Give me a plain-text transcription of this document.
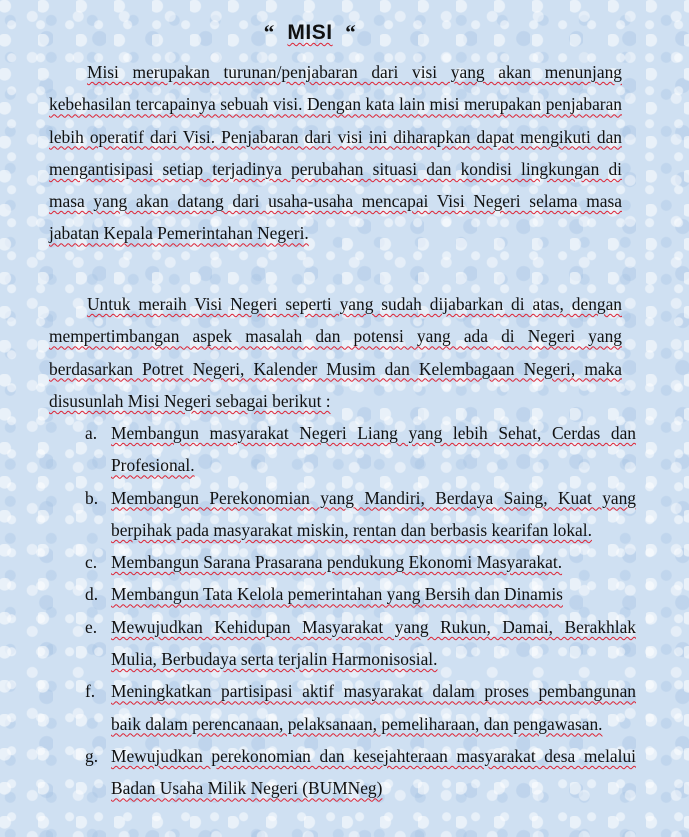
“ MISI “
Misi merupakan turunan/penjabaran dari visi yang akan menunjang kebehasilan tercapainya sebuah visi. Dengan kata lain misi merupakan penjabaran lebih operatif dari Visi. Penjabaran dari visi ini diharapkan dapat mengikuti dan mengantisipasi setiap terjadinya perubahan situasi dan kondisi lingkungan di masa yang akan datang dari usaha-usaha mencapai Visi Negeri selama masa jabatan Kepala Pemerintahan Negeri.
Untuk meraih Visi Negeri seperti yang sudah dijabarkan di atas, dengan mempertimbangan aspek masalah dan potensi yang ada di Negeri yang berdasarkan Potret Negeri, Kalender Musim dan Kelembagaan Negeri, maka disusunlah Misi Negeri sebagai berikut :
a. Membangun masyarakat Negeri Liang yang lebih Sehat, Cerdas dan Profesional.
b. Membangun Perekonomian yang Mandiri, Berdaya Saing, Kuat yang berpihak pada masyarakat miskin, rentan dan berbasis kearifan lokal.
c. Membangun Sarana Prasarana pendukung Ekonomi Masyarakat.
d. Membangun Tata Kelola pemerintahan yang Bersih dan Dinamis
e. Mewujudkan Kehidupan Masyarakat yang Rukun, Damai, Berakhlak Mulia, Berbudaya serta terjalin Harmonisosial.
f. Meningkatkan partisipasi aktif masyarakat dalam proses pembangunan baik dalam perencanaan, pelaksanaan, pemeliharaan, dan pengawasan.
g. Mewujudkan perekonomian dan kesejahteraan masyarakat desa melalui Badan Usaha Milik Negeri (BUMNeg)
